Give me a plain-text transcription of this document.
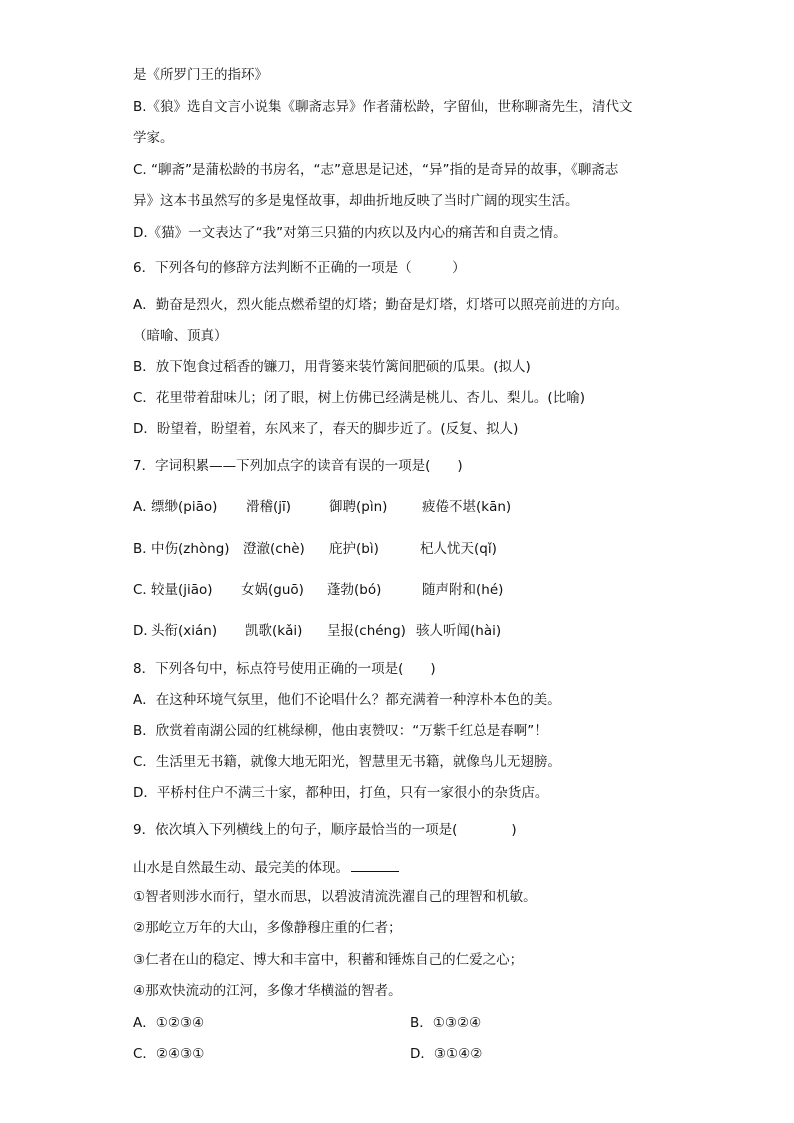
是《所罗门王的指环》
B.《狼》选自文言小说集《聊斋志异》作者蒲松龄，字留仙，世称聊斋先生，清代文
学家。
C. “聊斋”是蒲松龄的书房名，“志”意思是记述，“异”指的是奇异的故事，《聊斋志
异》这本书虽然写的多是鬼怪故事，却曲折地反映了当时广阔的现实生活。
D.《猫》一文表达了“我”对第三只猫的内疚以及内心的痛苦和自责之情。
6．下列各句的修辞方法判断不正确的一项是（　　　）
A．勤奋是烈火，烈火能点燃希望的灯塔；勤奋是灯塔，灯塔可以照亮前进的方向。
（暗喻、顶真）
B．放下饱食过稻香的镰刀，用背篓来装竹篱间肥硕的瓜果。(拟人)
C．花里带着甜味儿；闭了眼，树上仿佛已经满是桃儿、杏儿、梨儿。(比喻)
D．盼望着，盼望着，东风来了，春天的脚步近了。(反复、拟人)
7．字词积累——下列加点字的读音有误的一项是(　　)
A．
缥缈(piāo) 滑稽(jī)	御聘(pìn)	疲倦不堪(kān)
B．
中伤(zhòng) 澄澈(chè) 庇护(bì)	杞人忧天(qǐ)
C．
较量(jiāo) 女娲(guō) 蓬勃(bó)	随声附和(hé)
D．
头衔(xián) 凯歌(kǎi) 呈报(chéng) 骇人听闻(hài)
8．下列各句中，标点符号使用正确的一项是(　　)
A．在这种环境气氛里，他们不论唱什么？都充满着一种淳朴本色的美。
B．欣赏着南湖公园的红桃绿柳，他由衷赞叹：“万紫千红总是春啊”！
C．生活里无书籍，就像大地无阳光，智慧里无书籍，就像鸟儿无翅膀。
D．平桥村住户不满三十家，都种田，打鱼，只有一家很小的杂货店。
9．依次填入下列横线上的句子，顺序最恰当的一项是(　　　　)
山水是自然最生动、最完美的体现。
①智者则涉水而行，望水而思，以碧波清流洗濯自己的理智和机敏。
②那屹立万年的大山，多像静穆庄重的仁者；
③仁者在山的稳定、博大和丰富中，积蓄和锤炼自己的仁爱之心；
④那欢快流动的江河，多像才华横溢的智者。
A．①②③④	B．①③②④
C．②④③①	D．③①④②
